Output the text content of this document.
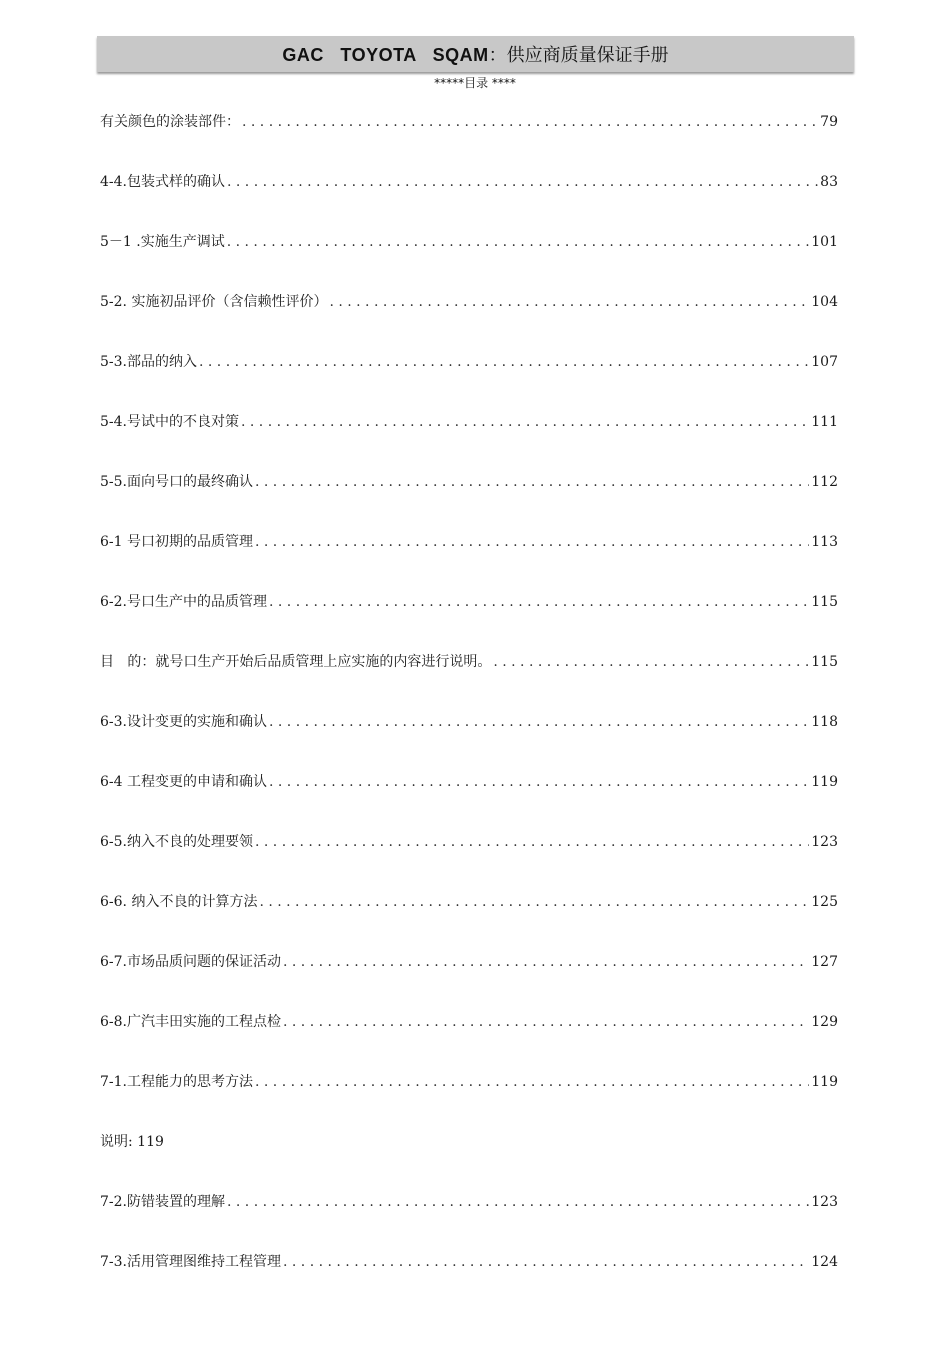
GAC   TOYOTA   SQAM：供应商质量保证手册
*****目录 ****
有关颜色的涂装部件： . . .	79
4-4.包装式样的确认 . . .	83
5－1 .实施生产调试 . . .	101
5-2. 实施初品评价（含信赖性评价） . . .	104
5-3.部品的纳入 . . .	107
5-4.号试中的不良对策 . . .	111
5-5.面向号口的最终确认 . . .	112
6-1 号口初期的品质管理 . . .	113
6-2.号口生产中的品质管理 . . .	115
目   的：就号口生产开始后品质管理上应实施的内容进行说明。 . . .	115
6-3.设计变更的实施和确认 . . .	118
6-4 工程变更的申请和确认 . . .	119
6-5.纳入不良的处理要领 . . .	123
6-6. 纳入不良的计算方法 . . .	125
6-7.市场品质问题的保证活动 . . .	127
6-8.广汽丰田实施的工程点检 . . .	129
7-1.工程能力的思考方法 . . .	119
说明: 119
7-2.防错装置的理解 . . .	123
7-3.活用管理图维持工程管理 . . .	124
